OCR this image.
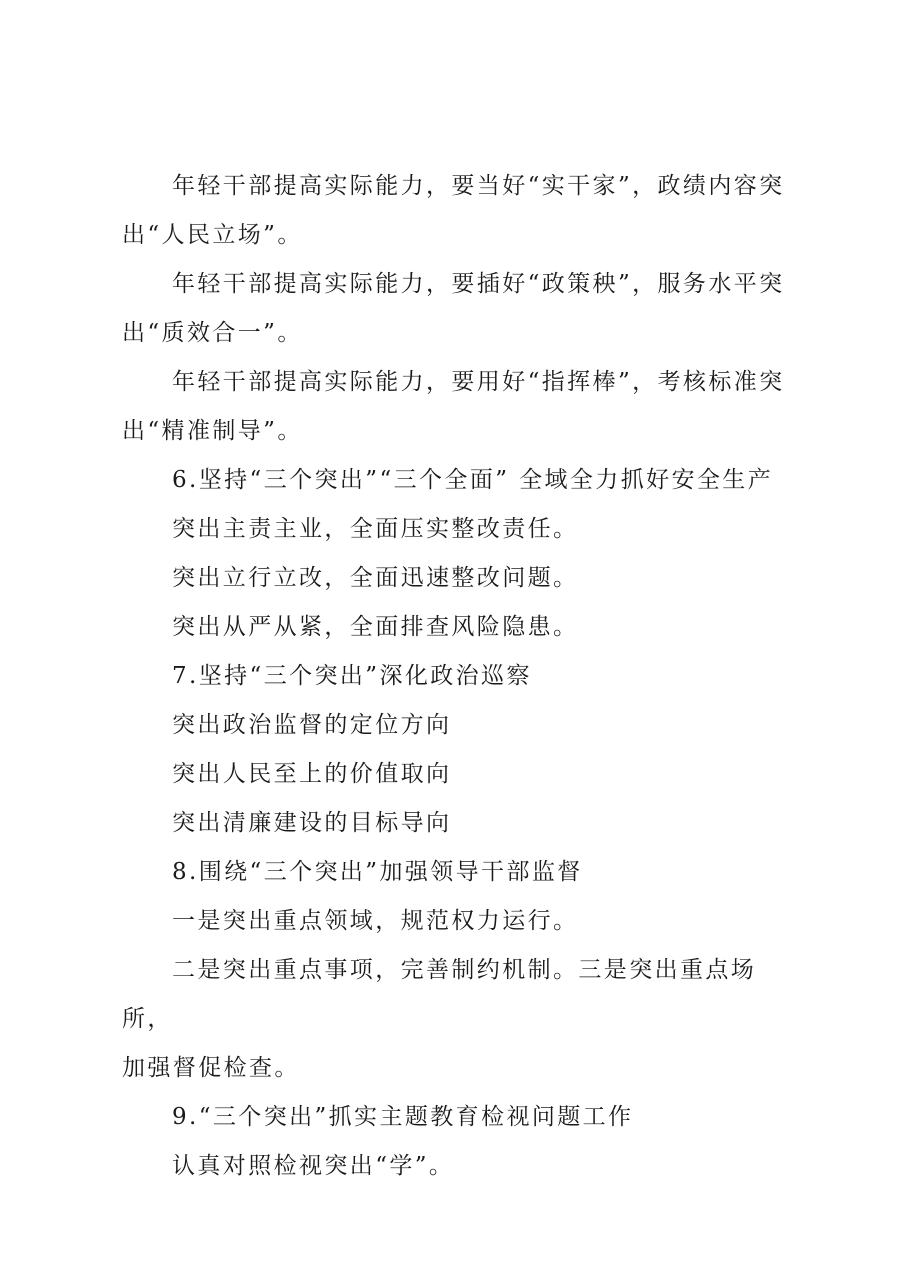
年轻干部提高实际能力，要当好“实干家”，政绩内容突
出“人民立场”。

年轻干部提高实际能力，要插好“政策秧”，服务水平突
出“质效合一”。

年轻干部提高实际能力，要用好“指挥棒”，考核标准突
出“精准制导”。

6.坚持“三个突出”“三个全面” 全域全力抓好安全生产

突出主责主业，全面压实整改责任。

突出立行立改，全面迅速整改问题。

突出从严从紧，全面排查风险隐患。

7.坚持“三个突出”深化政治巡察

突出政治监督的定位方向

突出人民至上的价值取向

突出清廉建设的目标导向

8.围绕“三个突出”加强领导干部监督

一是突出重点领域，规范权力运行。

二是突出重点事项，完善制约机制。三是突出重点场所，
加强督促检查。

9.“三个突出”抓实主题教育检视问题工作

认真对照检视突出“学”。
